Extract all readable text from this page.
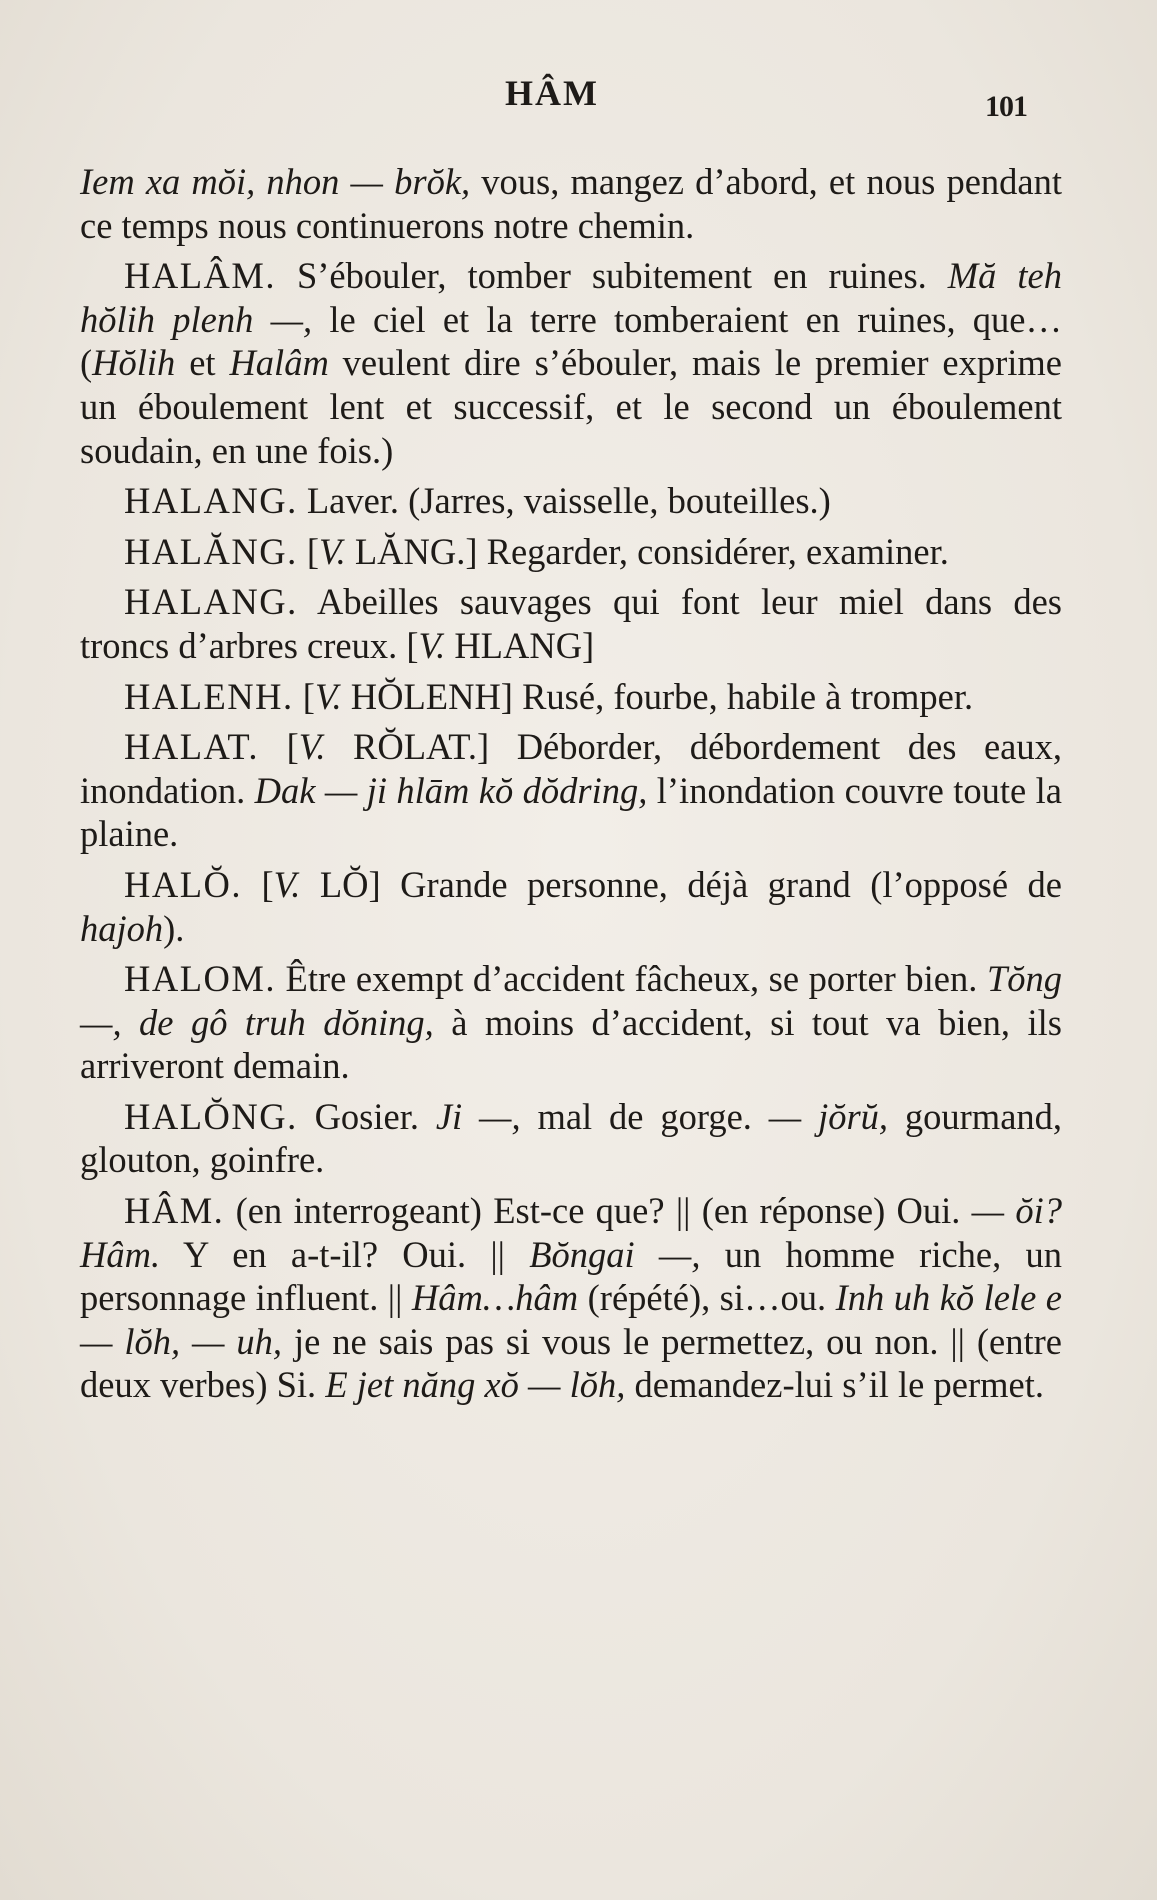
HÂM	101

Iem xa mŏi, nhon — brŏk, vous, mangez d’abord, et nous pendant ce temps nous continuerons notre chemin.

HALÂM. S’ébouler, tomber subitement en ruines. Mă teh hŏlih plenh —, le ciel et la terre tomberaient en ruines, que… (Hŏlih et Halâm veulent dire s’ébouler, mais le premier exprime un éboulement lent et successif, et le second un éboulement soudain, en une fois.)

HALANG. Laver. (Jarres, vaisselle, bouteilles.)

HALĂNG. [V. LĂNG.] Regarder, considérer, examiner.

HALANG. Abeilles sauvages qui font leur miel dans des troncs d’arbres creux. [V. HLANG]

HALENH. [V. HŎLENH] Rusé, fourbe, habile à tromper.

HALAT. [V. RŎLAT.] Déborder, débordement des eaux, inondation. Dak — ji hlām kŏ dŏdring, l’inondation couvre toute la plaine.

HALŎ. [V. LŎ] Grande personne, déjà grand (l’opposé de hajoh).

HALOM. Être exempt d’accident fâcheux, se porter bien. Tŏng —, de gô truh dŏning, à moins d’accident, si tout va bien, ils arriveront demain.

HALŎNG. Gosier. Ji —, mal de gorge. — jŏrŭ, gourmand, glouton, goinfre.

HÂM. (en interrogeant) Est-ce que? || (en réponse) Oui. — ŏi? Hâm. Y en a-t-il? Oui. || Bŏngai —, un homme riche, un personnage influent. || Hâm…hâm (répété), si…ou. Inh uh kŏ lele e — lŏh, — uh, je ne sais pas si vous le permettez, ou non. || (entre deux verbes) Si. E jet năng xŏ — lŏh, demandez-lui s’il le permet.
